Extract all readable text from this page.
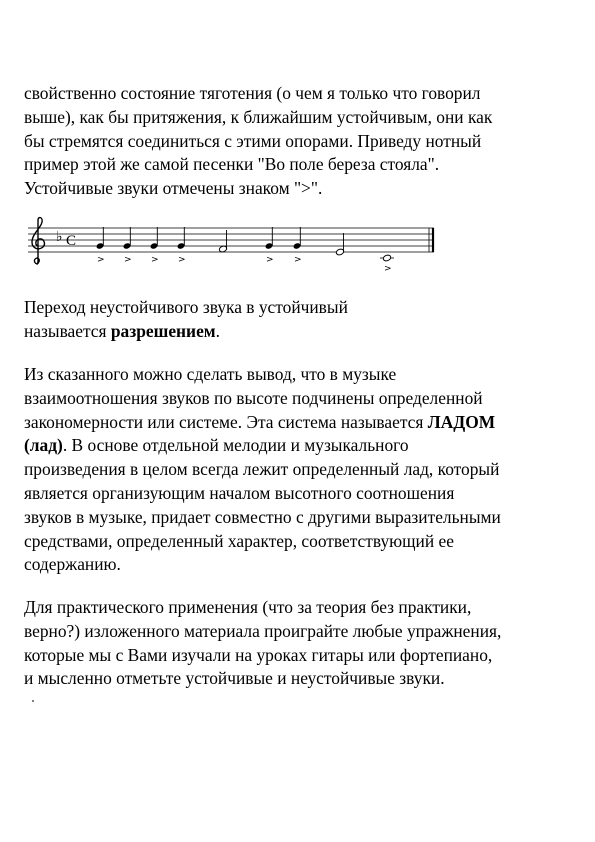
свойственно состояние тяготения (о чем я только что говорил
выше), как бы притяжения, к ближайшим устойчивым, они как
бы стремятся соединиться с этими опорами. Приведу нотный
пример этой же самой песенки "Во поле береза стояла".
Устойчивые звуки отмечены знаком ">".

♭ C
> > > >	> >
>

Переход неустойчивого звука в устойчивый
называется разрешением.

Из сказанного можно сделать вывод, что в музыке
взаимоотношения звуков по высоте подчинены определенной
закономерности или системе. Эта система называется ЛАДОМ
(лад). В основе отдельной мелодии и музыкального
произведения в целом всегда лежит определенный лад, который
является организующим началом высотного соотношения
звуков в музыке, придает совместно с другими выразительными
средствами, определенный характер, соответствующий ее
содержанию.

Для практического применения (что за теория без практики,
верно?) изложенного материала проиграйте любые упражнения,
которые мы с Вами изучали на уроках гитары или фортепиано,
и мысленно отметьте устойчивые и неустойчивые звуки.
